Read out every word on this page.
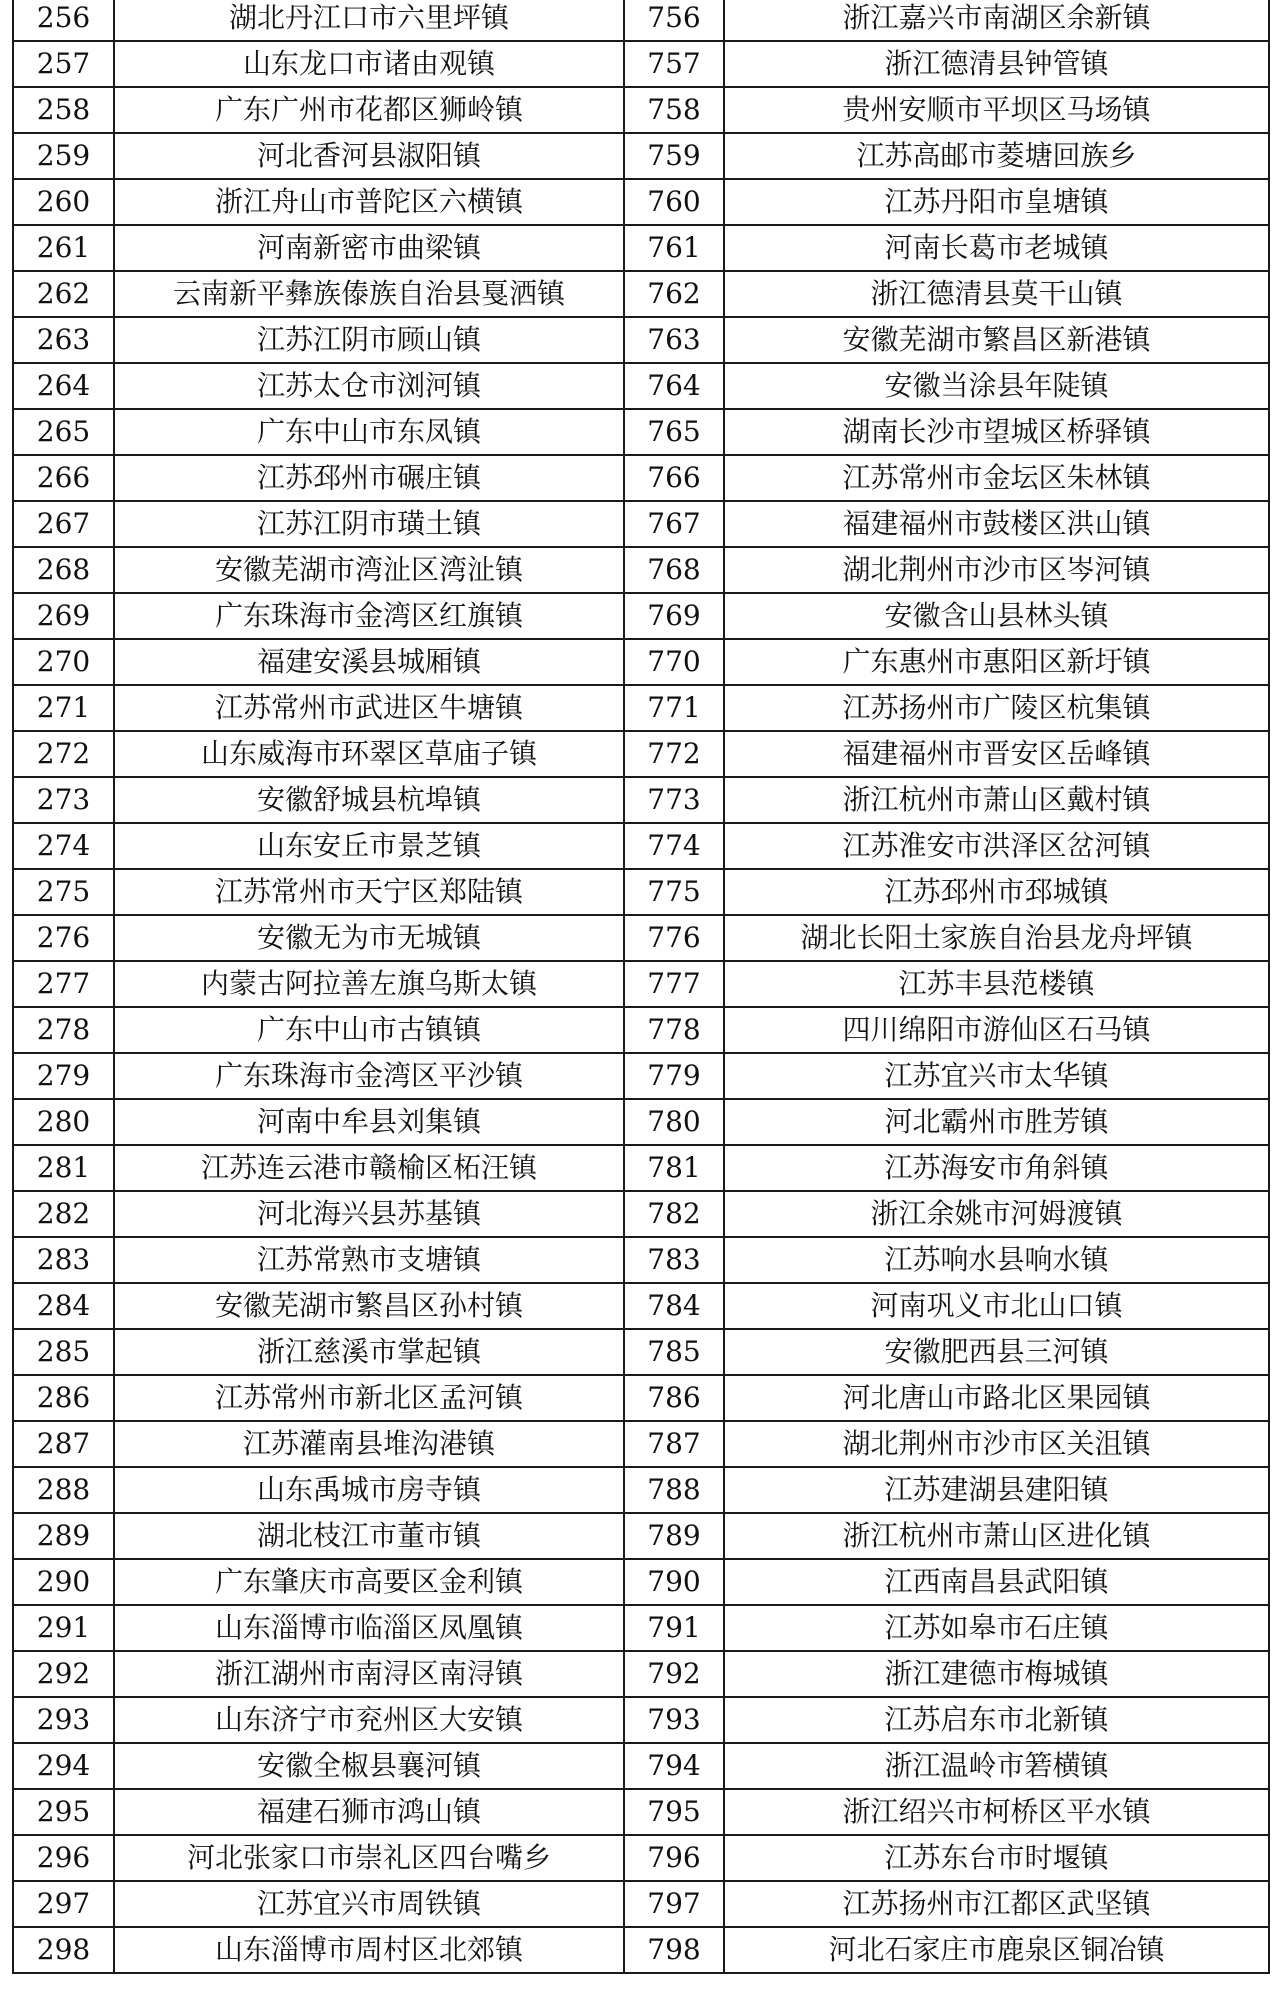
256	湖北丹江口市六里坪镇	756	浙江嘉兴市南湖区余新镇
257	山东龙口市诸由观镇	757	浙江德清县钟管镇
258	广东广州市花都区狮岭镇	758	贵州安顺市平坝区马场镇
259	河北香河县淑阳镇	759	江苏高邮市菱塘回族乡
260	浙江舟山市普陀区六横镇	760	江苏丹阳市皇塘镇
261	河南新密市曲梁镇	761	河南长葛市老城镇
262	云南新平彝族傣族自治县戛洒镇	762	浙江德清县莫干山镇
263	江苏江阴市顾山镇	763	安徽芜湖市繁昌区新港镇
264	江苏太仓市浏河镇	764	安徽当涂县年陡镇
265	广东中山市东凤镇	765	湖南长沙市望城区桥驿镇
266	江苏邳州市碾庄镇	766	江苏常州市金坛区朱林镇
267	江苏江阴市璜土镇	767	福建福州市鼓楼区洪山镇
268	安徽芜湖市湾沚区湾沚镇	768	湖北荆州市沙市区岑河镇
269	广东珠海市金湾区红旗镇	769	安徽含山县林头镇
270	福建安溪县城厢镇	770	广东惠州市惠阳区新圩镇
271	江苏常州市武进区牛塘镇	771	江苏扬州市广陵区杭集镇
272	山东威海市环翠区草庙子镇	772	福建福州市晋安区岳峰镇
273	安徽舒城县杭埠镇	773	浙江杭州市萧山区戴村镇
274	山东安丘市景芝镇	774	江苏淮安市洪泽区岔河镇
275	江苏常州市天宁区郑陆镇	775	江苏邳州市邳城镇
276	安徽无为市无城镇	776	湖北长阳土家族自治县龙舟坪镇
277	内蒙古阿拉善左旗乌斯太镇	777	江苏丰县范楼镇
278	广东中山市古镇镇	778	四川绵阳市游仙区石马镇
279	广东珠海市金湾区平沙镇	779	江苏宜兴市太华镇
280	河南中牟县刘集镇	780	河北霸州市胜芳镇
281	江苏连云港市赣榆区柘汪镇	781	江苏海安市角斜镇
282	河北海兴县苏基镇	782	浙江余姚市河姆渡镇
283	江苏常熟市支塘镇	783	江苏响水县响水镇
284	安徽芜湖市繁昌区孙村镇	784	河南巩义市北山口镇
285	浙江慈溪市掌起镇	785	安徽肥西县三河镇
286	江苏常州市新北区孟河镇	786	河北唐山市路北区果园镇
287	江苏灌南县堆沟港镇	787	湖北荆州市沙市区关沮镇
288	山东禹城市房寺镇	788	江苏建湖县建阳镇
289	湖北枝江市董市镇	789	浙江杭州市萧山区进化镇
290	广东肇庆市高要区金利镇	790	江西南昌县武阳镇
291	山东淄博市临淄区凤凰镇	791	江苏如皋市石庄镇
292	浙江湖州市南浔区南浔镇	792	浙江建德市梅城镇
293	山东济宁市兖州区大安镇	793	江苏启东市北新镇
294	安徽全椒县襄河镇	794	浙江温岭市箬横镇
295	福建石狮市鸿山镇	795	浙江绍兴市柯桥区平水镇
296	河北张家口市崇礼区四台嘴乡	796	江苏东台市时堰镇
297	江苏宜兴市周铁镇	797	江苏扬州市江都区武坚镇
298	山东淄博市周村区北郊镇	798	河北石家庄市鹿泉区铜冶镇
